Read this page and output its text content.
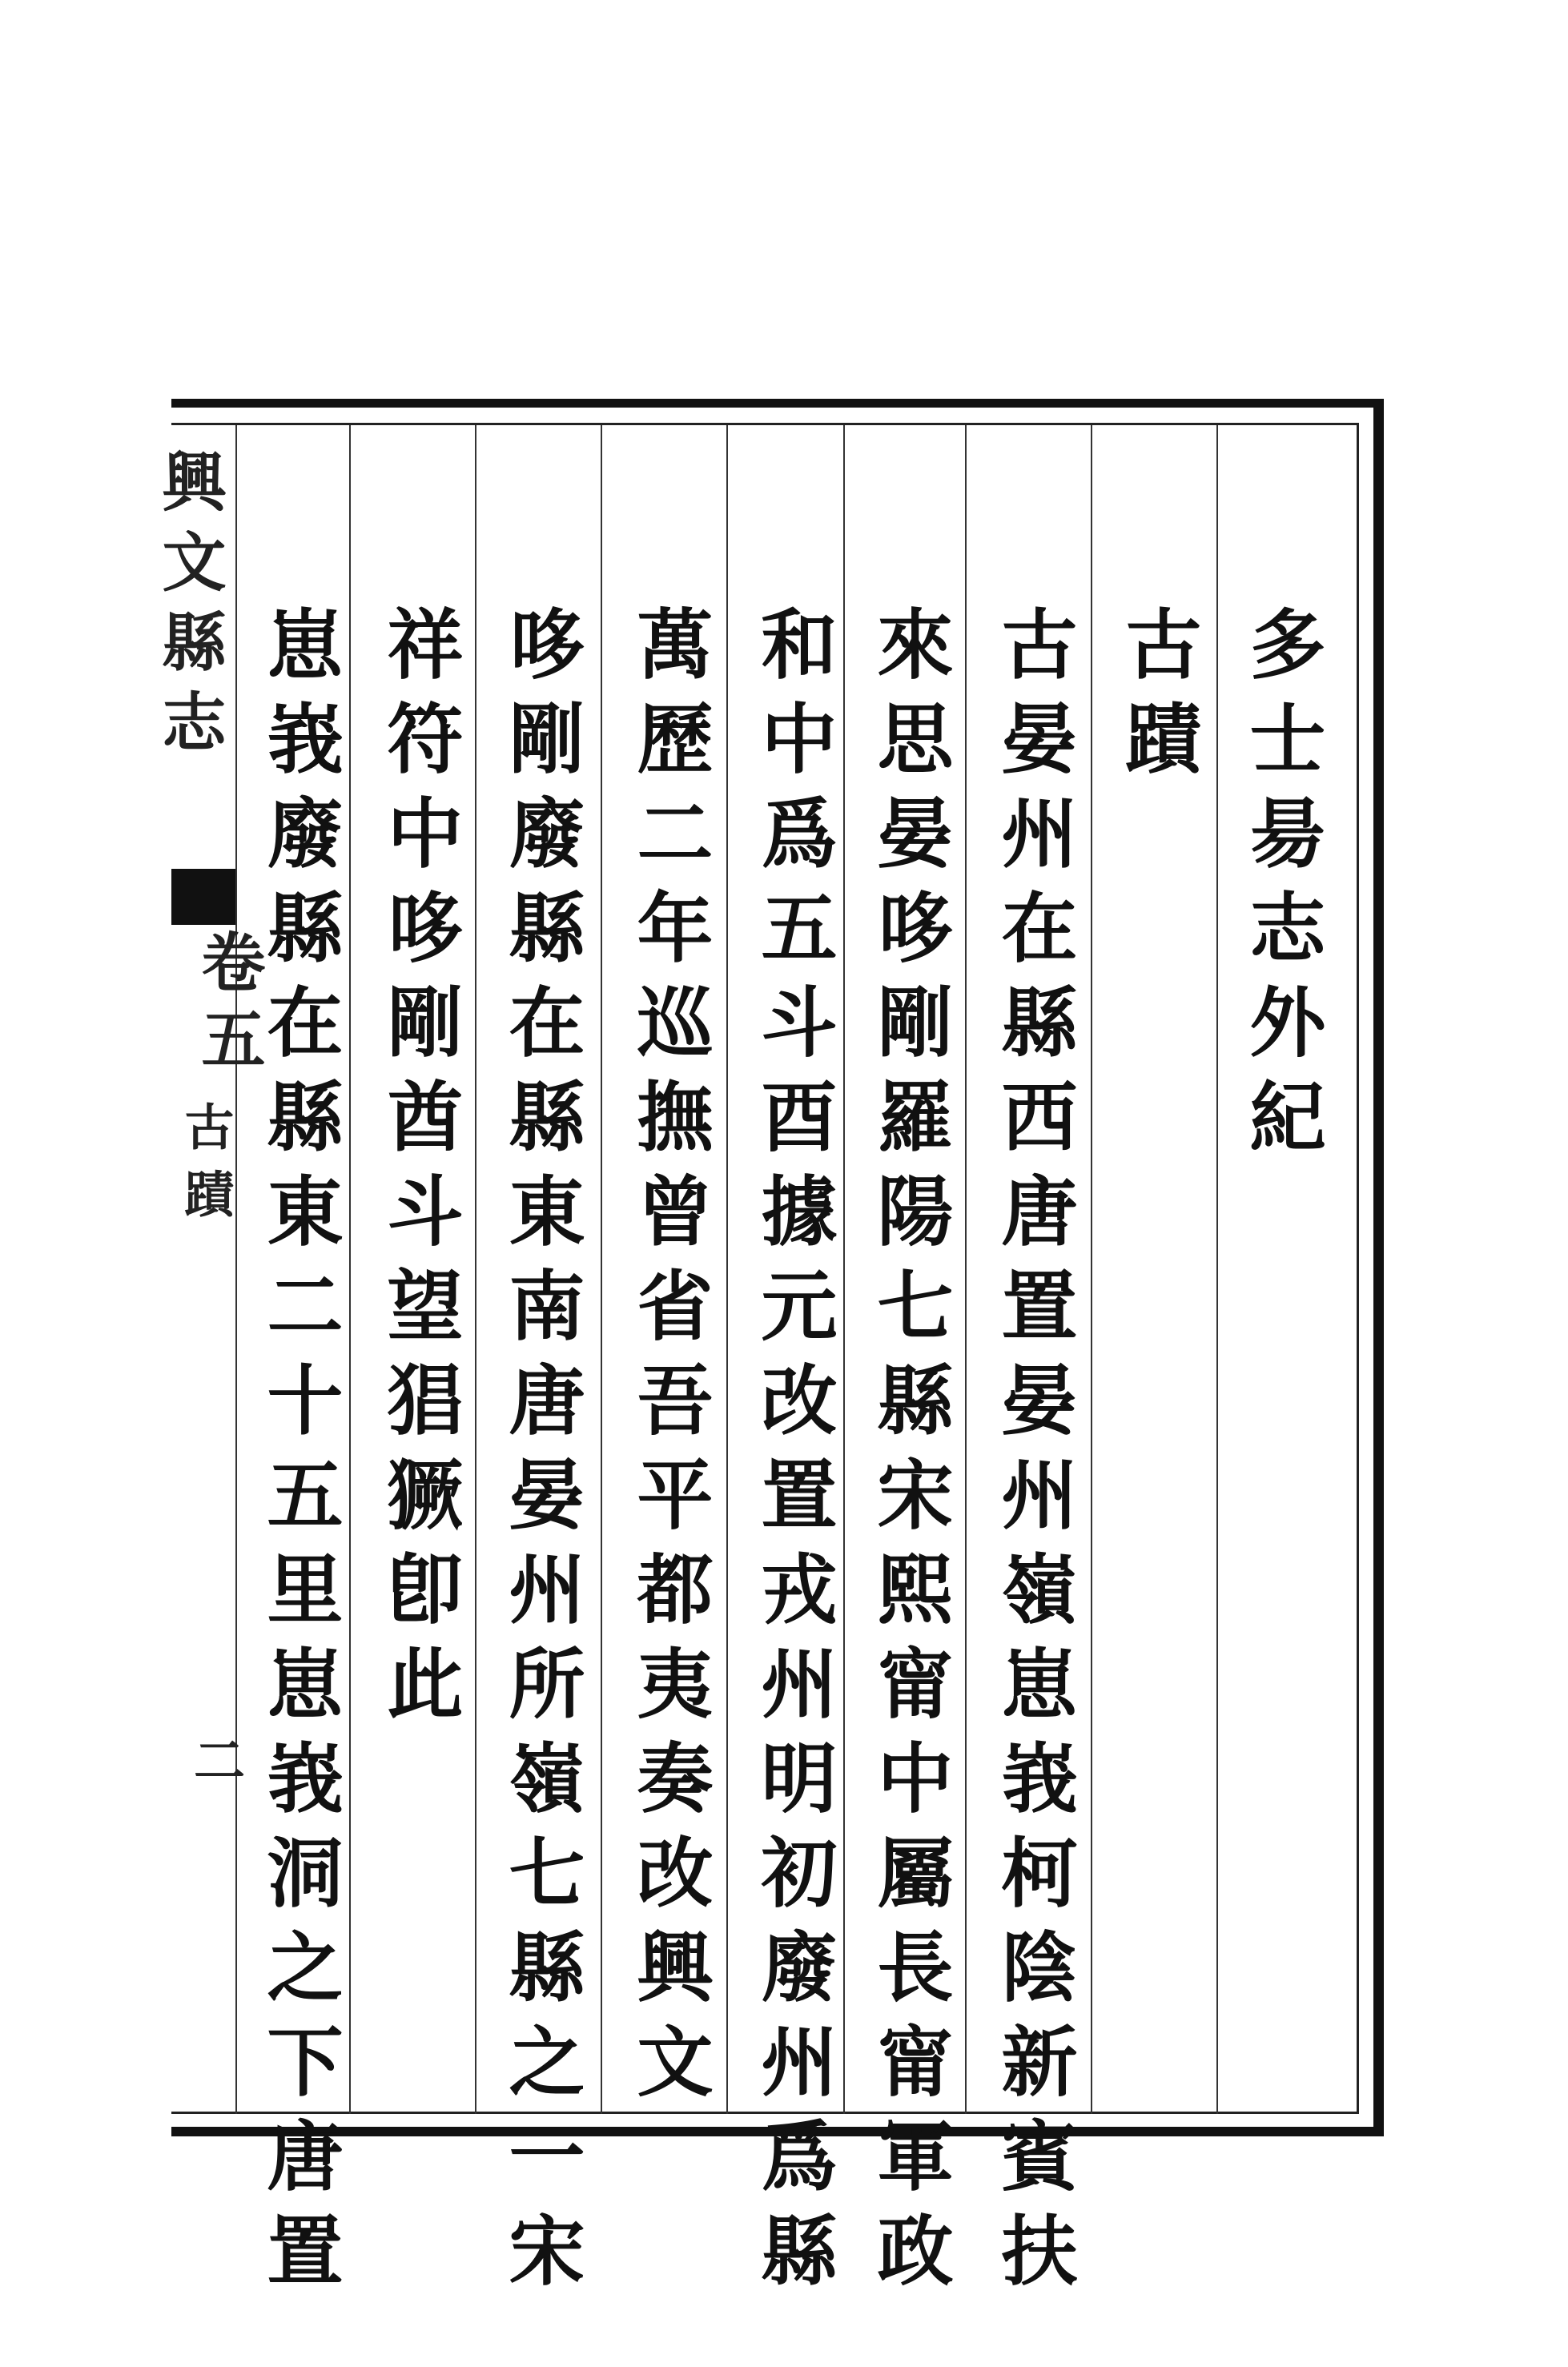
興文縣志
卷五
古蹟
二
多士昜志外紀
古蹟
古晏州在縣西唐置晏州嶺崽峩柯陰新賓扶
來思晏哆剛羅陽七縣宋熙甯中屬長甯軍政
和中爲五斗酉據元改置戎州明初廢州爲縣
萬歷二年巡撫曾省吾平都夷奏改興文
哆剛廢縣在縣東南唐晏州所嶺七縣之一宋
祥符中哆剛酋斗望猖獗卽此
崽峩廢縣在縣東二十五里崽峩洞之下唐置
